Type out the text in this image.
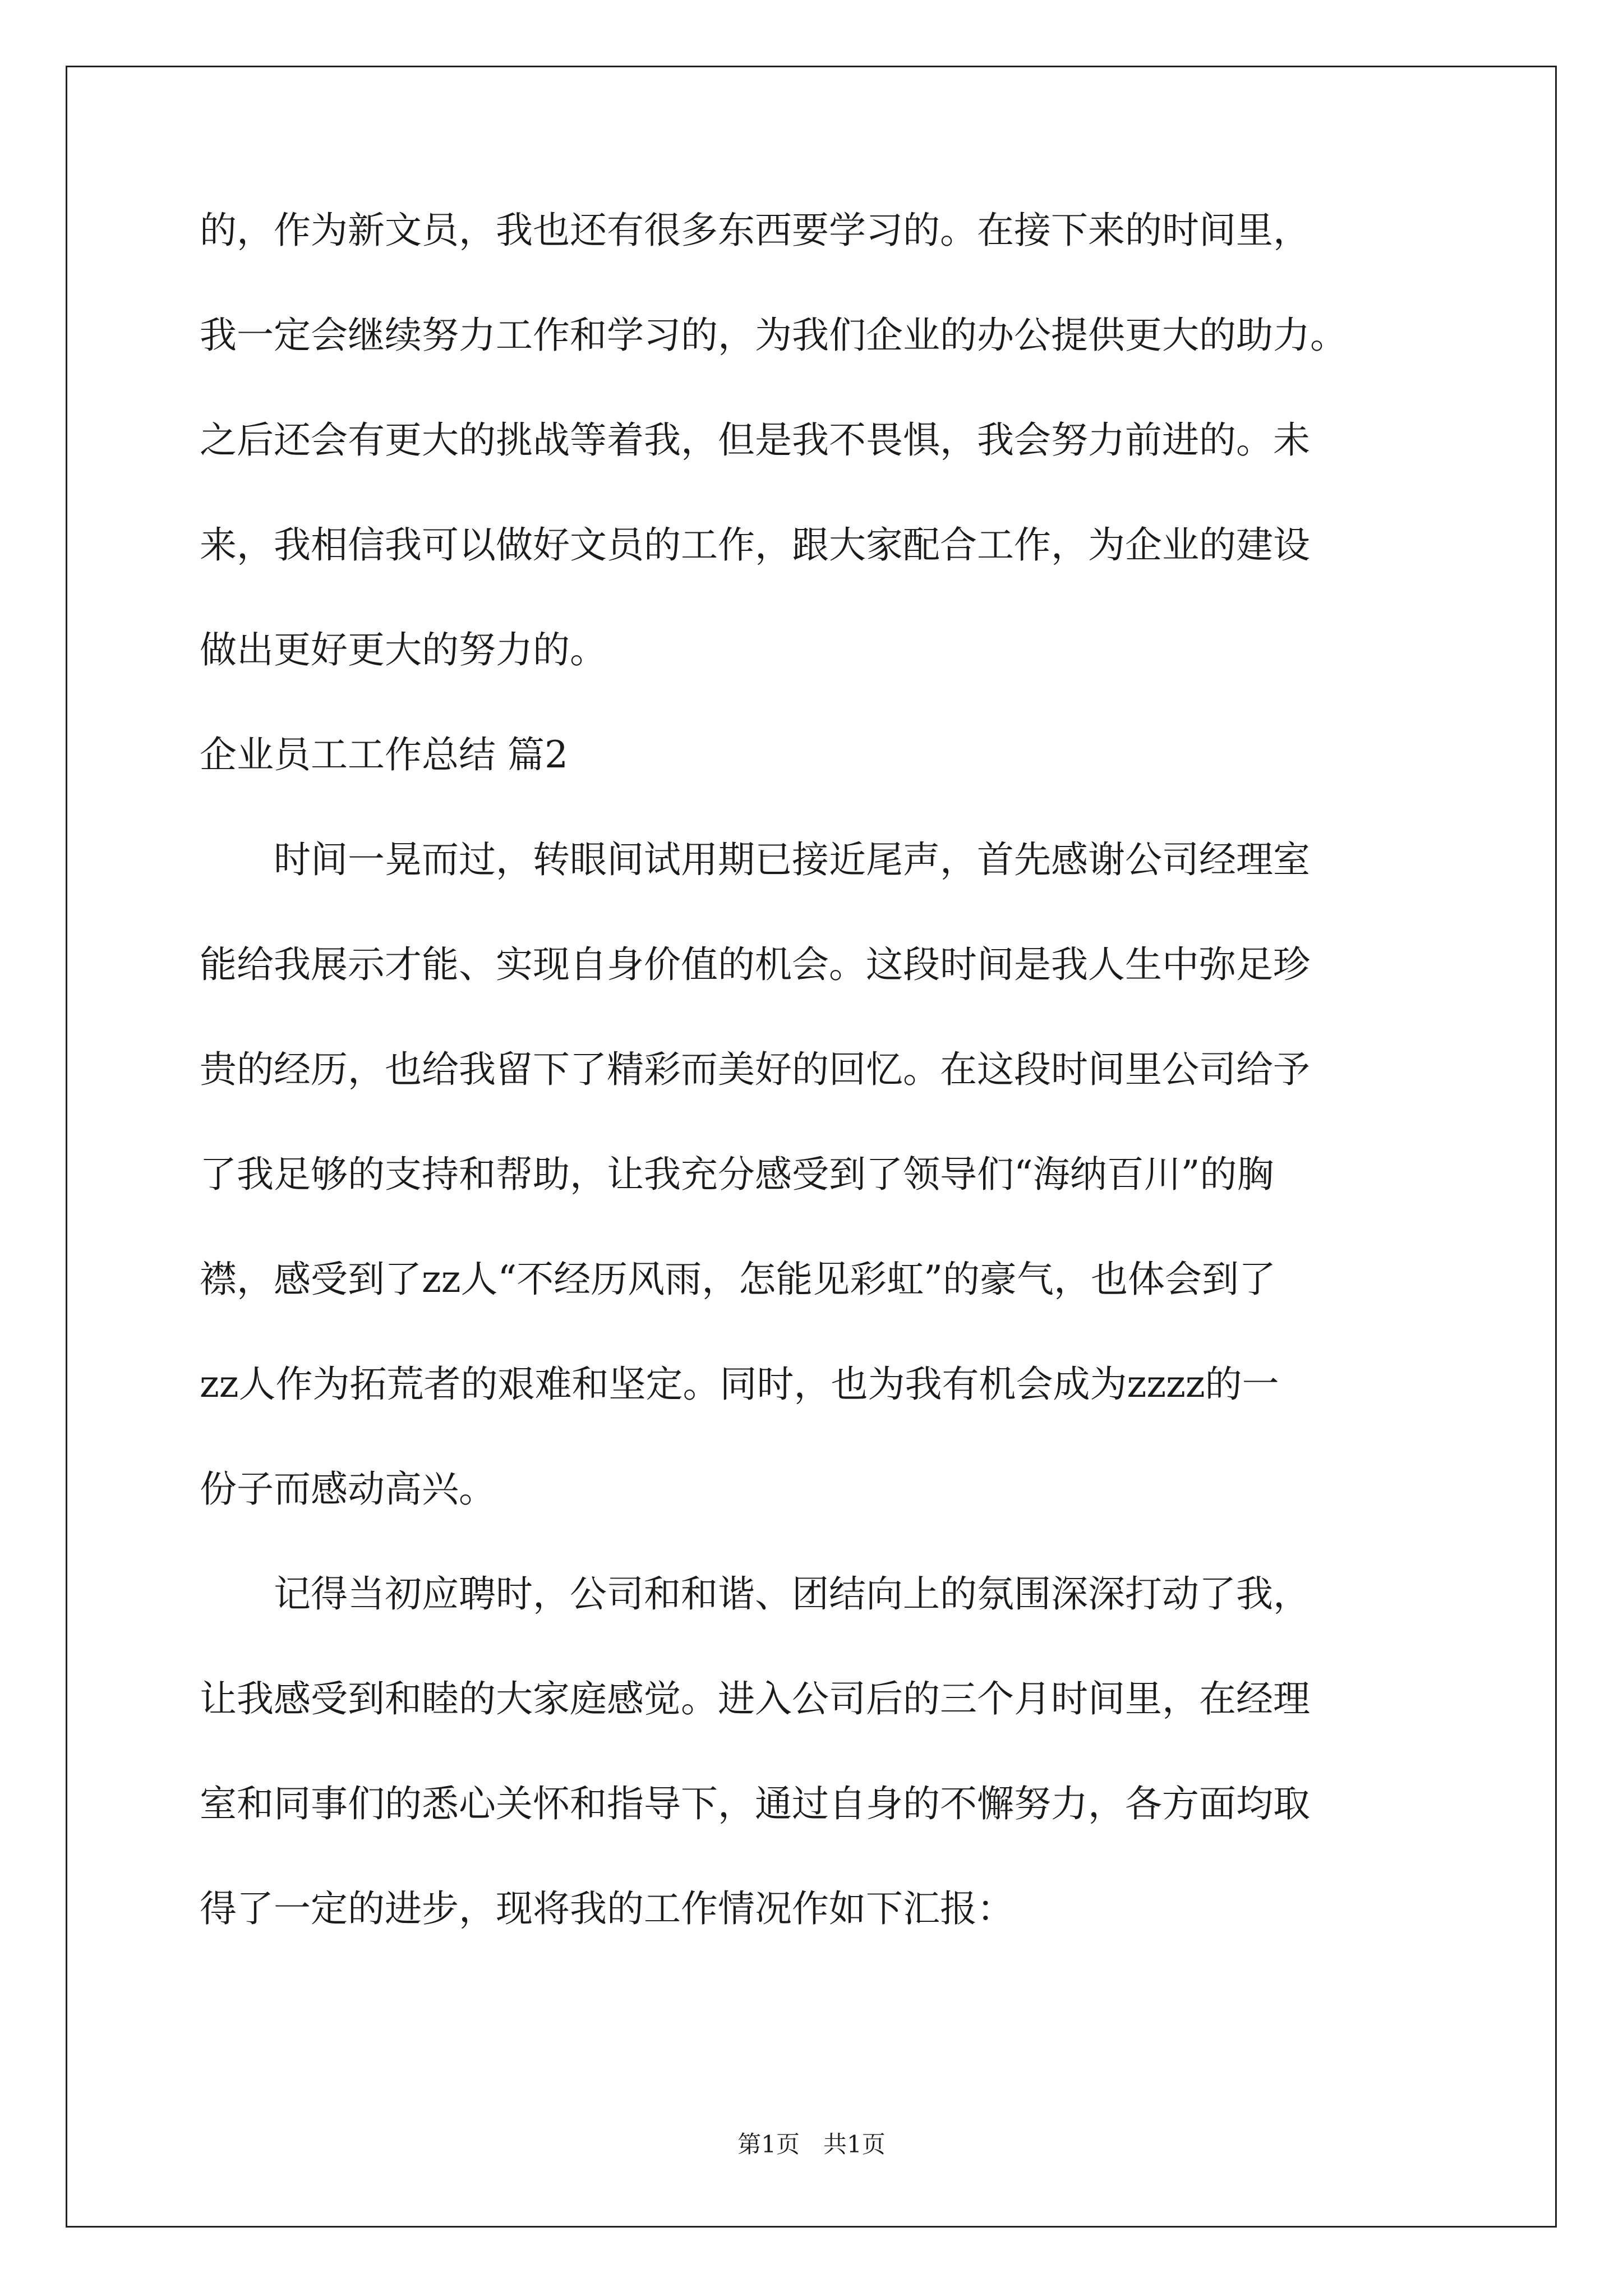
的，作为新文员，我也还有很多东西要学习的。在接下来的时间里，
我一定会继续努力工作和学习的，为我们企业的办公提供更大的助力。
之后还会有更大的挑战等着我，但是我不畏惧，我会努力前进的。未
来，我相信我可以做好文员的工作，跟大家配合工作，为企业的建设
做出更好更大的努力的。
企业员工工作总结 篇2
　　时间一晃而过，转眼间试用期已接近尾声，首先感谢公司经理室
能给我展示才能、实现自身价值的机会。这段时间是我人生中弥足珍
贵的经历，也给我留下了精彩而美好的回忆。在这段时间里公司给予
了我足够的支持和帮助，让我充分感受到了领导们“海纳百川”的胸
襟，感受到了zz人“不经历风雨，怎能见彩虹”的豪气，也体会到了
zz人作为拓荒者的艰难和坚定。同时，也为我有机会成为zzzz的一
份子而感动高兴。
　　记得当初应聘时，公司和和谐、团结向上的氛围深深打动了我，
让我感受到和睦的大家庭感觉。进入公司后的三个月时间里，在经理
室和同事们的悉心关怀和指导下，通过自身的不懈努力，各方面均取
得了一定的进步，现将我的工作情况作如下汇报：
第1页　共1页
